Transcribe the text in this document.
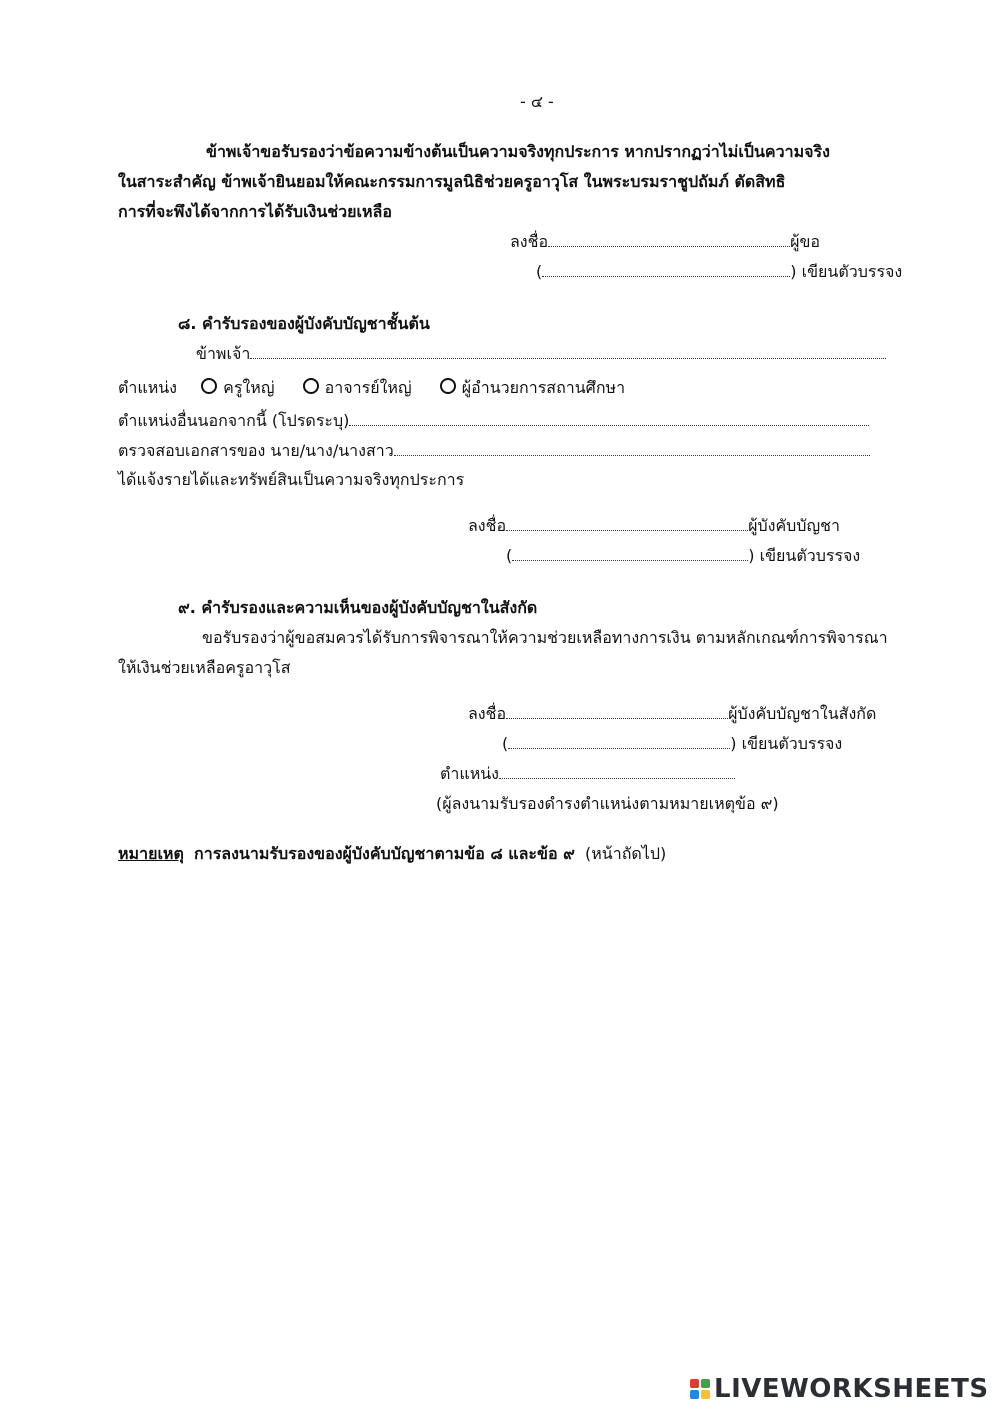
- ๔ -
ข้าพเจ้าขอรับรองว่าข้อความข้างต้นเป็นความจริงทุกประการ หากปรากฏว่าไม่เป็นความจริง
ในสาระสำคัญ ข้าพเจ้ายินยอมให้คณะกรรมการมูลนิธิช่วยครูอาวุโส ในพระบรมราชูปถัมภ์ ตัดสิทธิ
การที่จะพึงได้จากการได้รับเงินช่วยเหลือ
ลงชื่อ	ผู้ขอ
(	) เขียนตัวบรรจง
๘. คำรับรองของผู้บังคับบัญชาชั้นต้น
ข้าพเจ้า
ตำแหน่ง	ครูใหญ่	อาจารย์ใหญ่	ผู้อำนวยการสถานศึกษา
ตำแหน่งอื่นนอกจากนี้ (โปรดระบุ)
ตรวจสอบเอกสารของ นาย/นาง/นางสาว
ได้แจ้งรายได้และทรัพย์สินเป็นความจริงทุกประการ
ลงชื่อ	ผู้บังคับบัญชา
(	) เขียนตัวบรรจง
๙. คำรับรองและความเห็นของผู้บังคับบัญชาในสังกัด
ขอรับรองว่าผู้ขอสมควรได้รับการพิจารณาให้ความช่วยเหลือทางการเงิน ตามหลักเกณฑ์การพิจารณา
ให้เงินช่วยเหลือครูอาวุโส
ลงชื่อ	ผู้บังคับบัญชาในสังกัด
(	) เขียนตัวบรรจง
ตำแหน่ง
(ผู้ลงนามรับรองดำรงตำแหน่งตามหมายเหตุข้อ ๙)
หมายเหตุ การลงนามรับรองของผู้บังคับบัญชาตามข้อ ๘ และข้อ ๙ (หน้าถัดไป)
LIVEWORKSHEETS
